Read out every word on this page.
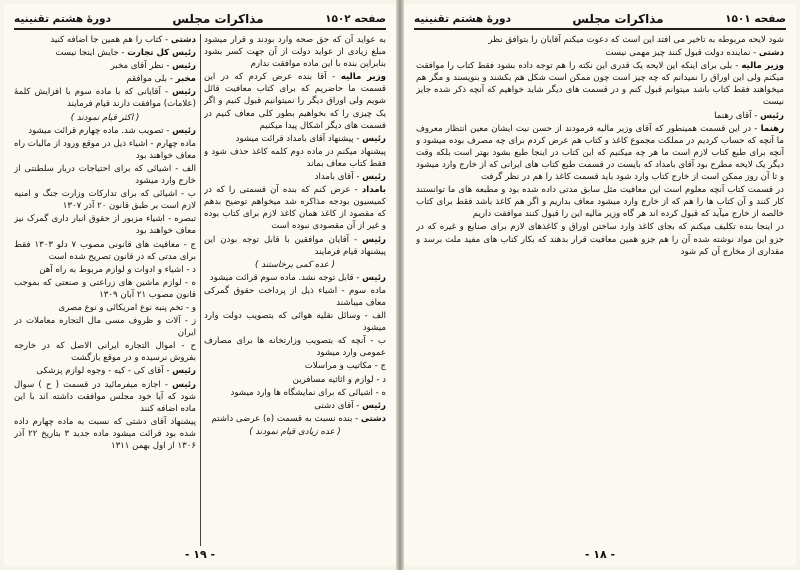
صفحه ۱۵۰۲
مذاکرات مجلس
دورهٔ هشتم تقنینیه

به عواید آن که حق صحه وارد بودند و قرار میشود مبلغ زیادی از عواید دولت از آن جهت کسر بشود بنابراین بنده با این ماده موافقت ندارم

وزیر مالیه - آقا بنده عرض کردم که در این قسمت ما حاضریم که برای کتاب معافیت قائل شویم ولی اوراق دیگر را نمیتوانیم قبول کنیم و اگر یک چیزی را که بخواهیم بطور کلی معاف کنیم در قسمت های دیگر اشکال پیدا میکنیم

رئیس - پیشنهاد آقای بامداد قرائت میشود

پیشنهاد میکنم در ماده دوم کلمه کاغذ حذف شود و فقط کتاب معاف بماند

رئیس - آقای بامداد

بامداد - عرض کنم که بنده آن قسمتی را که در کمیسیون بودجه مذاکره شد میخواهم توضیح بدهم که مقصود از کاغذ همان کاغذ لازم برای کتاب بوده و غیر از آن مقصودی نبوده است

رئیس - آقایان موافقین با قابل توجه بودن این پیشنهاد قیام فرمایند

( عده کمی برخاستند )

رئیس - قابل توجه نشد. ماده سوم قرائت میشود

ماده سوم - اشیاء ذیل از پرداخت حقوق گمرکی معاف میباشند

الف - وسائل نقلیه هوائی که بتصویب دولت وارد میشود

ب - آنچه که بتصویب وزارتخانه ها برای مصارف عمومی وارد میشود

ج - مکاتیب و مراسلات

د - لوازم و اثاثیه مسافرین

ه - اشیائی که برای نمایشگاه ها وارد میشود

رئیس - آقای دشتی

دشتی - بنده نسبت به قسمت (ه) عرضی داشتم

( عده زیادی قیام نمودند )

دشتی - کتاب را هم همین جا اضافه کنید

رئیس کل تجارت - جایش اینجا نیست

رئیس - نظر آقای مخبر

مخبر - بلی موافقم

رئیس - آقایانی که با ماده سوم با افزایش کلمهٔ (علامات) موافقت دارند قیام فرمایند

( اکثر قیام نمودند )

رئیس - تصویب شد. ماده چهارم قرائت میشود

ماده چهارم - اشیاء ذیل در موقع ورود از مالیات راه معاف خواهند بود

الف - اشیائی که برای احتیاجات دربار سلطنتی از خارج وارد میشود

ب - اشیائی که برای تدارکات وزارت جنگ و امنیه لازم است بر طبق قانون ۲۰ آذر ۱۳۰۷

تبصره - اشیاء مزبور از حقوق انبار داری گمرک نیز معاف خواهند بود

ج - معافیت های قانونی مصوب ۷ دلو ۱۳۰۳ فقط برای مدتی که در قانون تصریح شده است

د - اشیاء و ادوات و لوازم مربوط به راه آهن

ه - لوازم ماشین های زراعتی و صنعتی که بموجب قانون مصوب ۲۱ آبان ۱۳۰۹

و - تخم پنبه نوع امریکائی و نوع مصری

ز - آلات و ظروف مسی مال التجاره معاملات در ایران

ح - اموال التجاره ایرانی الاصل که در خارجه بفروش نرسیده و در موقع بازگشت

رئیس - آقای کی - کیه - وجوه لوازم پزشکی

رئیس - اجازه میفرمائید در قسمت ( ح ) سوال شود که آیا خود مجلس موافقت داشته اند با این ماده اضافه کنند

پیشنهاد آقای دشتی که نسبت به ماده چهارم داده شده بود قرائت میشود ماده جدید ۳ بتاریخ ۲۲ آذر ۱۳۰۶ از اول بهمن ۱۳۱۱

- ۱۹ -
صفحه ۱۵۰۱
مذاکرات مجلس
دورهٔ هشتم تقنینیه

شود لایحه مربوطه به تاخیر می افتد این است که دعوت میکنم آقایان را بتوافق نظر

دشتی - نماینده دولت قبول کنند چیز مهمی نیست

وزیر مالیه - بلی برای اینکه این لایحه یک قدری این نکته را هم توجه داده بشود فقط کتاب را موافقت میکنم ولی این اوراق را نمیدانم که چه چیز است چون ممکن است شکل هم بکشند و بنویسند و مگر هم میخواهند فقط کتاب باشد میتوانم قبول کنم و در قسمت های دیگر شاید خواهیم که آنچه ذکر شده جایز نیست

رئیس - آقای رهنما

رهنما - در این قسمت همینطور که آقای وزیر مالیه فرمودند از حسن نیت ایشان معین انتظار معروف ما آنچه که حساب کردیم در مملکت مجموع کاغذ و کتاب هم عرض کردم برای چه مصرف بوده میشود و آنچه برای طبع کتاب لازم است ما هر چه میکنیم که این کتاب در اینجا طبع بشود بهتر است بلکه وقت دیگر یک لایحه مطرح بود آقای بامداد که بایست در قسمت طبع کتاب های ایرانی که از خارج وارد میشود و تا آن روز ممکن است از خارج کتاب وارد شود باید قسمت کاغذ را هم در نظر گرفت

در قسمت کتاب آنچه معلوم است این معافیت مثل سابق مدتی داده شده بود و مطبعه های ما توانستند کار کنند و آن کتاب ها را هم که از خارج وارد میشود معاف بداریم و اگر هم کاغذ باشد فقط برای کتاب خالصه از خارج میآید که قبول کرده اند هر گاه وزیر مالیه این را قبول کنند موافقت داریم

در اینجا بنده تکلیف میکنم که بجای کاغذ وارد ساختن اوراق و کاغذهای لازم برای صنایع و غیره که در جزو این مواد نوشته شده آن را هم جزو همین معافیت قرار بدهند که بکار کتاب های مفید ملت برسد و مقداری از مخارج آن کم شود

- ۱۸ -
